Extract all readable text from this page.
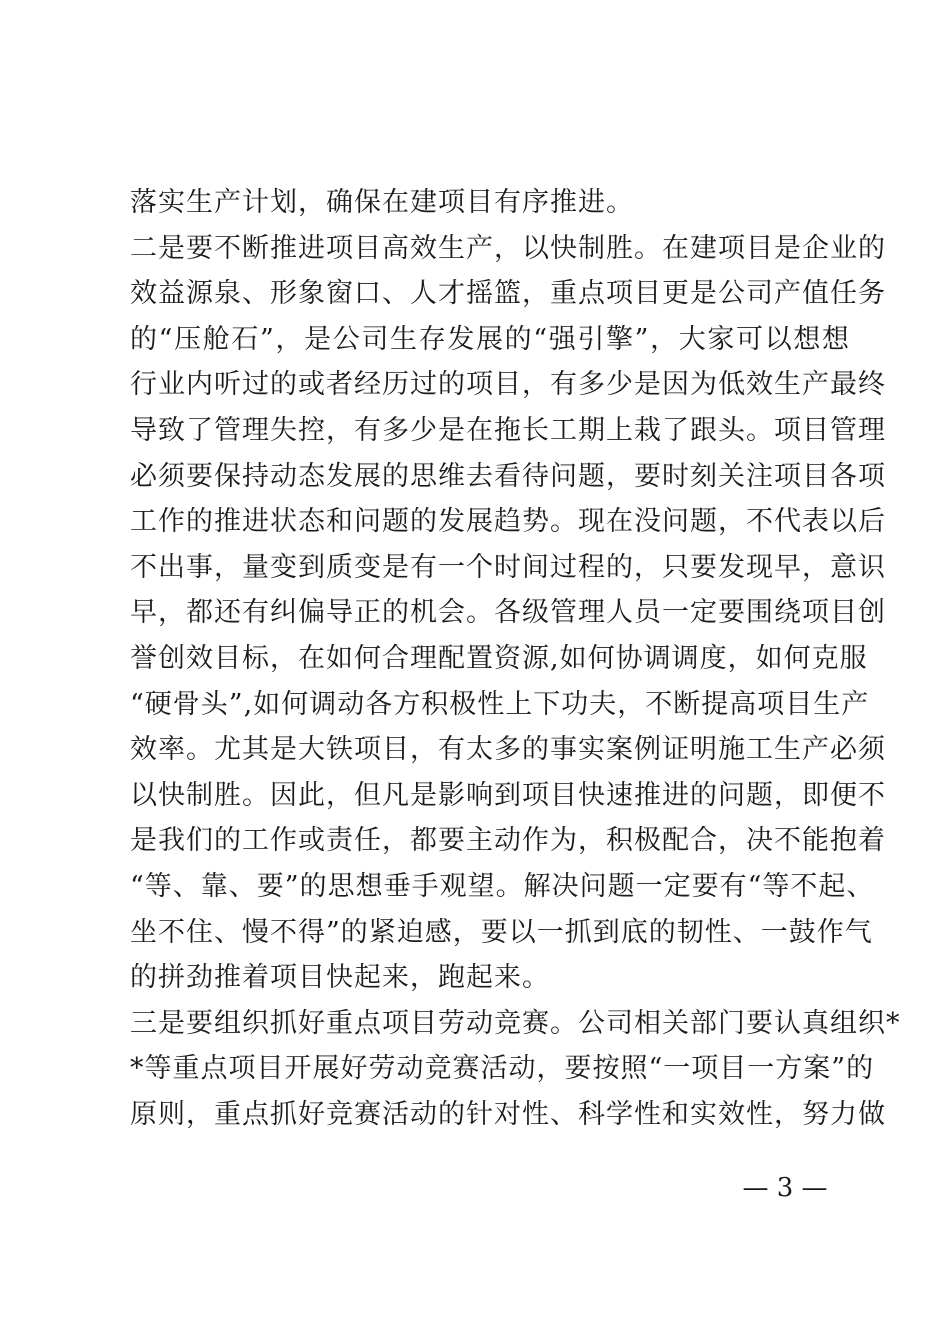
落实生产计划，确保在建项目有序推进。
二是要不断推进项目高效生产，以快制胜。在建项目是企业的
效益源泉、形象窗口、人才摇篮，重点项目更是公司产值任务
的“压舱石”，是公司生存发展的“强引擎”，大家可以想想
行业内听过的或者经历过的项目，有多少是因为低效生产最终
导致了管理失控，有多少是在拖长工期上栽了跟头。项目管理
必须要保持动态发展的思维去看待问题，要时刻关注项目各项
工作的推进状态和问题的发展趋势。现在没问题，不代表以后
不出事，量变到质变是有一个时间过程的，只要发现早，意识
早，都还有纠偏导正的机会。各级管理人员一定要围绕项目创
誉创效目标，在如何合理配置资源,如何协调调度，如何克服
“硬骨头”,如何调动各方积极性上下功夫，不断提高项目生产
效率。尤其是大铁项目，有太多的事实案例证明施工生产必须
以快制胜。因此，但凡是影响到项目快速推进的问题，即便不
是我们的工作或责任，都要主动作为，积极配合，决不能抱着
“等、靠、要”的思想垂手观望。解决问题一定要有“等不起、
坐不住、慢不得”的紧迫感，要以一抓到底的韧性、一鼓作气
的拼劲推着项目快起来，跑起来。
三是要组织抓好重点项目劳动竞赛。公司相关部门要认真组织*
*等重点项目开展好劳动竞赛活动，要按照“一项目一方案”的
原则，重点抓好竞赛活动的针对性、科学性和实效性，努力做
— 3 —
